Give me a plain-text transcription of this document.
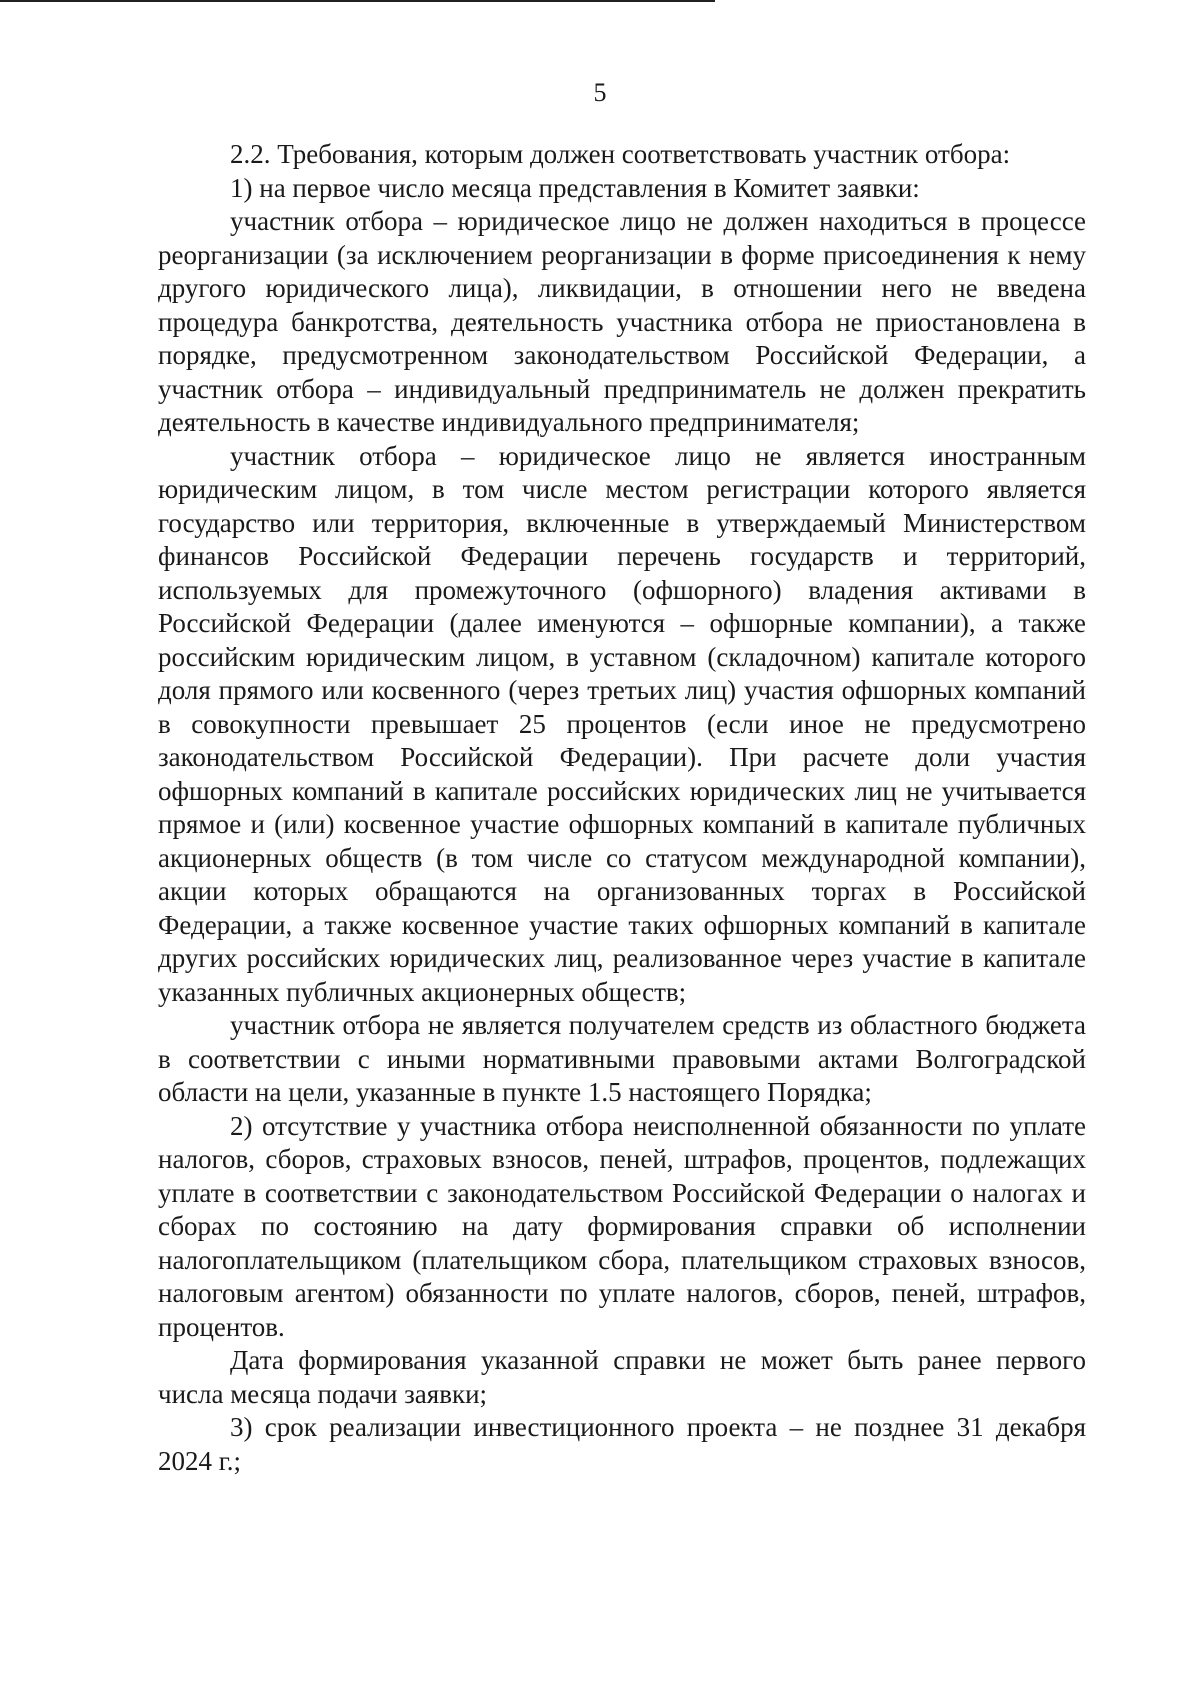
5

2.2. Требования, которым должен соответствовать участник отбора:

1) на первое число месяца представления в Комитет заявки:

участник отбора – юридическое лицо не должен находиться в процессе реорганизации (за исключением реорганизации в форме присоединения к нему другого юридического лица), ликвидации, в отношении него не введена процедура банкротства, деятельность участника отбора не приостановлена в порядке, предусмотренном законодательством Российской Федерации, а участник отбора – индивидуальный предприниматель не должен прекратить деятельность в качестве индивидуального предпринимателя;

участник отбора – юридическое лицо не является иностранным юридическим лицом, в том числе местом регистрации которого является государство или территория, включенные в утверждаемый Министерством финансов Российской Федерации перечень государств и территорий, используемых для промежуточного (офшорного) владения активами в Российской Федерации (далее именуются – офшорные компании), а также российским юридическим лицом, в уставном (складочном) капитале которого доля прямого или косвенного (через третьих лиц) участия офшорных компаний в совокупности превышает 25 процентов (если иное не предусмотрено законодательством Российской Федерации). При расчете доли участия офшорных компаний в капитале российских юридических лиц не учитывается прямое и (или) косвенное участие офшорных компаний в капитале публичных акционерных обществ (в том числе со статусом международной компании), акции которых обращаются на организованных торгах в Российской Федерации, а также косвенное участие таких офшорных компаний в капитале других российских юридических лиц, реализованное через участие в капитале указанных публичных акционерных обществ;

участник отбора не является получателем средств из областного бюджета в соответствии с иными нормативными правовыми актами Волгоградской области на цели, указанные в пункте 1.5 настоящего Порядка;

2) отсутствие у участника отбора неисполненной обязанности по уплате налогов, сборов, страховых взносов, пеней, штрафов, процентов, подлежащих уплате в соответствии с законодательством Российской Федерации о налогах и сборах по состоянию на дату формирования справки об исполнении налогоплательщиком (плательщиком сбора, плательщиком страховых взносов, налоговым агентом) обязанности по уплате налогов, сборов, пеней, штрафов, процентов.

Дата формирования указанной справки не может быть ранее первого числа месяца подачи заявки;

3) срок реализации инвестиционного проекта – не позднее 31 декабря 2024 г.;
